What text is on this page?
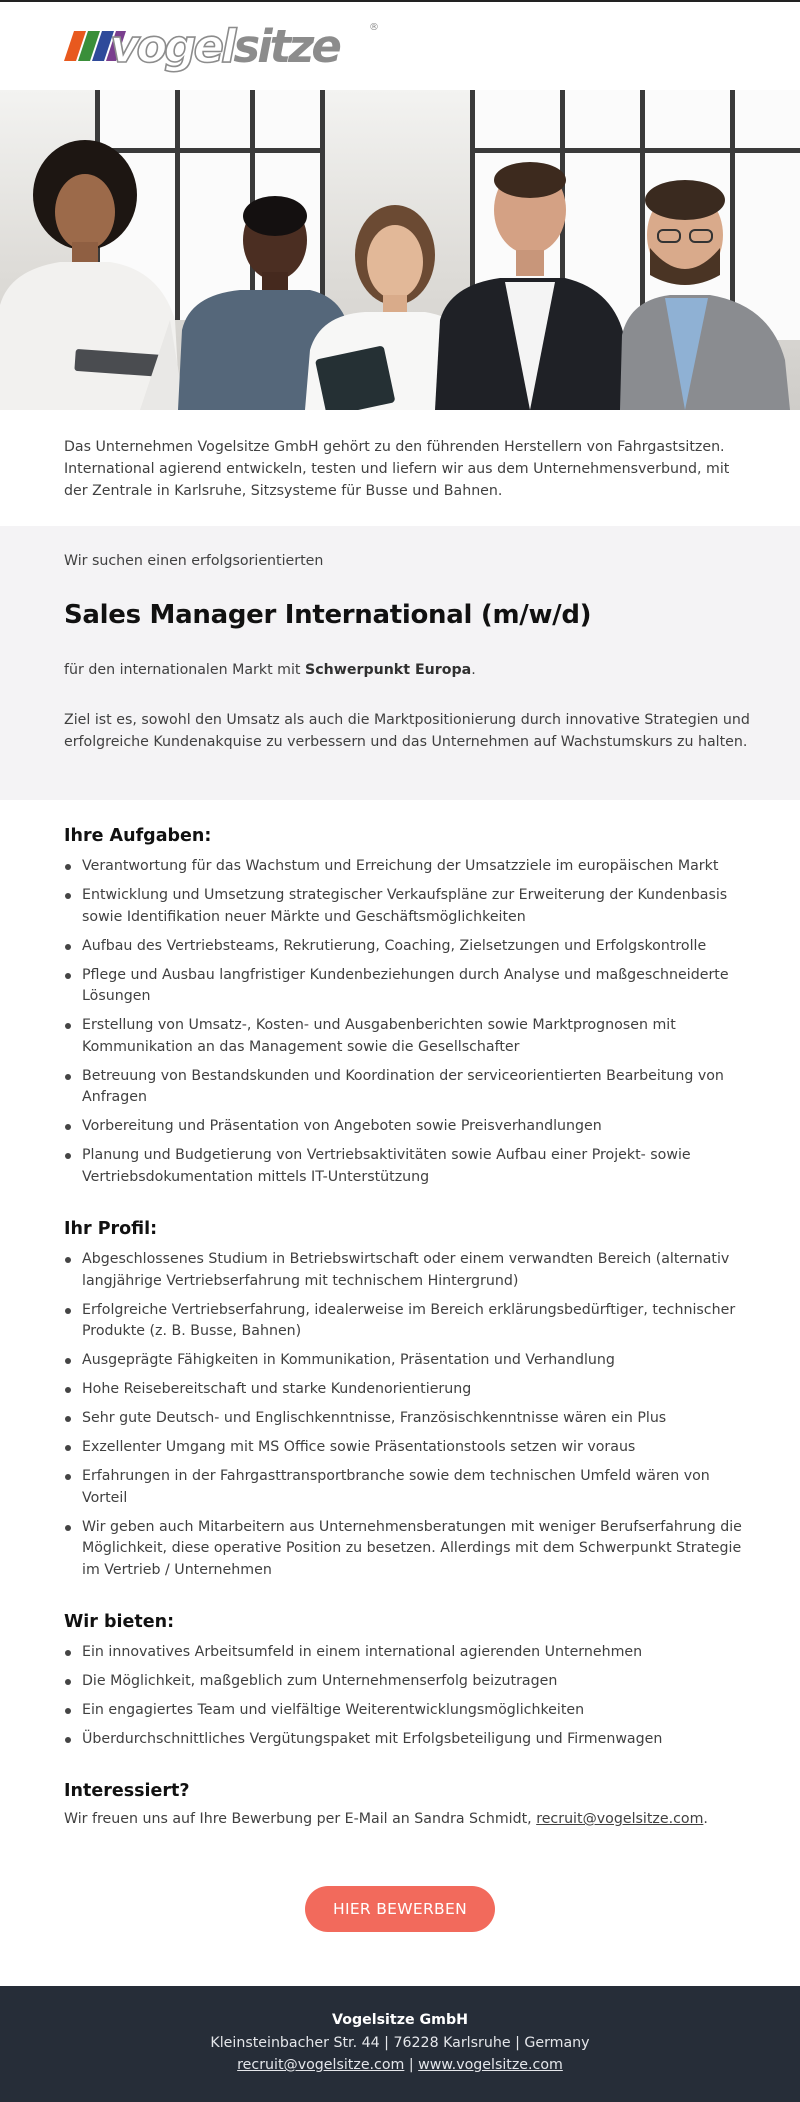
vogelsitze	®
Das Unternehmen Vogelsitze GmbH gehört zu den führenden Herstellern von Fahrgastsitzen. International agierend entwickeln, testen und liefern wir aus dem Unternehmensverbund, mit der Zentrale in Karlsruhe, Sitzsysteme für Busse und Bahnen.
Wir suchen einen erfolgsorientierten
Sales Manager International (m/w/d)
für den internationalen Markt mit Schwerpunkt Europa.
Ziel ist es, sowohl den Umsatz als auch die Marktpositionierung durch innovative Strategien und erfolgreiche Kundenakquise zu verbessern und das Unternehmen auf Wachstumskurs zu halten.
Ihre Aufgaben:
Verantwortung für das Wachstum und Erreichung der Umsatzziele im europäischen Markt
Entwicklung und Umsetzung strategischer Verkaufspläne zur Erweiterung der Kundenbasis sowie Identifikation neuer Märkte und Geschäftsmöglichkeiten
Aufbau des Vertriebsteams, Rekrutierung, Coaching, Zielsetzungen und Erfolgskontrolle
Pflege und Ausbau langfristiger Kundenbeziehungen durch Analyse und maßgeschneiderte Lösungen
Erstellung von Umsatz-, Kosten- und Ausgabenberichten sowie Marktprognosen mit Kommunikation an das Management sowie die Gesellschafter
Betreuung von Bestandskunden und Koordination der serviceorientierten Bearbeitung von Anfragen
Vorbereitung und Präsentation von Angeboten sowie Preisverhandlungen
Planung und Budgetierung von Vertriebsaktivitäten sowie Aufbau einer Projekt- sowie Vertriebsdokumentation mittels IT-Unterstützung
Ihr Profil:
Abgeschlossenes Studium in Betriebswirtschaft oder einem verwandten Bereich (alternativ langjährige Vertriebserfahrung mit technischem Hintergrund)
Erfolgreiche Vertriebserfahrung, idealerweise im Bereich erklärungsbedürftiger, technischer Produkte (z. B. Busse, Bahnen)
Ausgeprägte Fähigkeiten in Kommunikation, Präsentation und Verhandlung
Hohe Reisebereitschaft und starke Kundenorientierung
Sehr gute Deutsch- und Englischkenntnisse, Französischkenntnisse wären ein Plus
Exzellenter Umgang mit MS Office sowie Präsentationstools setzen wir voraus
Erfahrungen in der Fahrgasttransportbranche sowie dem technischen Umfeld wären von Vorteil
Wir geben auch Mitarbeitern aus Unternehmensberatungen mit weniger Berufserfahrung die Möglichkeit, diese operative Position zu besetzen. Allerdings mit dem Schwerpunkt Strategie im Vertrieb / Unternehmen
Wir bieten:
Ein innovatives Arbeitsumfeld in einem international agierenden Unternehmen
Die Möglichkeit, maßgeblich zum Unternehmenserfolg beizutragen
Ein engagiertes Team und vielfältige Weiterentwicklungsmöglichkeiten
Überdurchschnittliches Vergütungspaket mit Erfolgsbeteiligung und Firmenwagen
Interessiert?

Wir freuen uns auf Ihre Bewerbung per E-Mail an Sandra Schmidt, recruit@vogelsitze.com.

HIER BEWERBEN
Vogelsitze GmbH
Kleinsteinbacher Str. 44 | 76228 Karlsruhe | Germany
recruit@vogelsitze.com | www.vogelsitze.com
